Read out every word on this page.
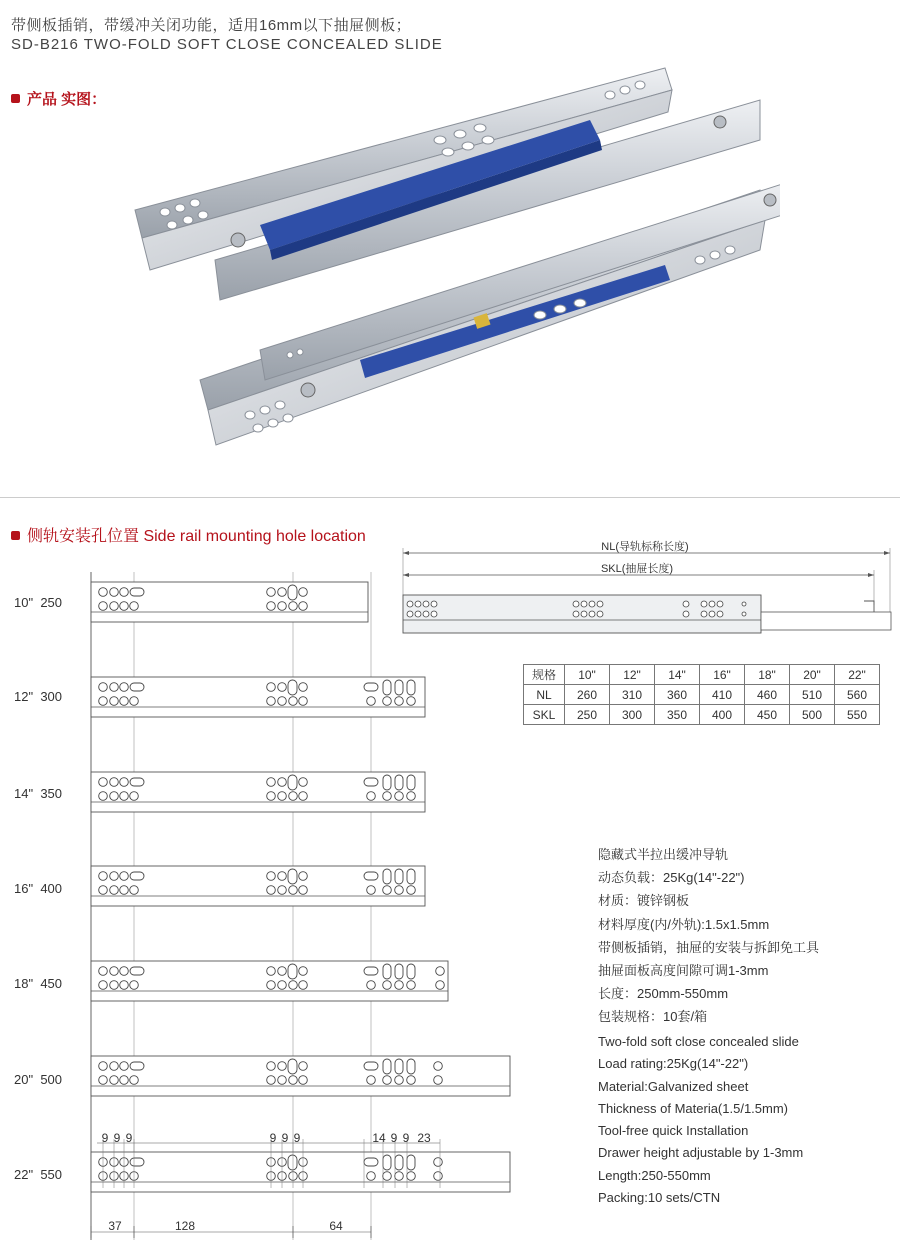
带侧板插销，带缓冲关闭功能，适用16mm以下抽屉侧板；
SD-B216 TWO-FOLD SOFT CLOSE CONCEALED SLIDE
产品 实图：
侧轨安装孔位置 Side rail mounting hole location
10" 250
12" 300
14" 350
16" 400
18" 450
20" 500
22" 550
9 9 9	9 9 9	14 9 9 23
37	128	64
NL(导轨标称长度)
SKL(抽屉长度)
规格	10"	12"	14"	16"	18"	20"	22"
NL	260	310	360	410	460	510	560
SKL	250	300	350	400	450	500	550
隐藏式半拉出缓冲导轨
动态负载：25Kg(14"-22")
材质：镀锌钢板
材料厚度(内/外轨):1.5x1.5mm
带侧板插销，抽屉的安装与拆卸免工具
抽屉面板高度间隙可调1-3mm
长度：250mm-550mm
包装规格：10套/箱
Two-fold soft close concealed slide
Load rating:25Kg(14"-22")
Material:Galvanized sheet
Thickness of Materia(1.5/1.5mm)
Tool-free quick Installation
Drawer height adjustable by 1-3mm
Length:250-550mm
Packing:10 sets/CTN
